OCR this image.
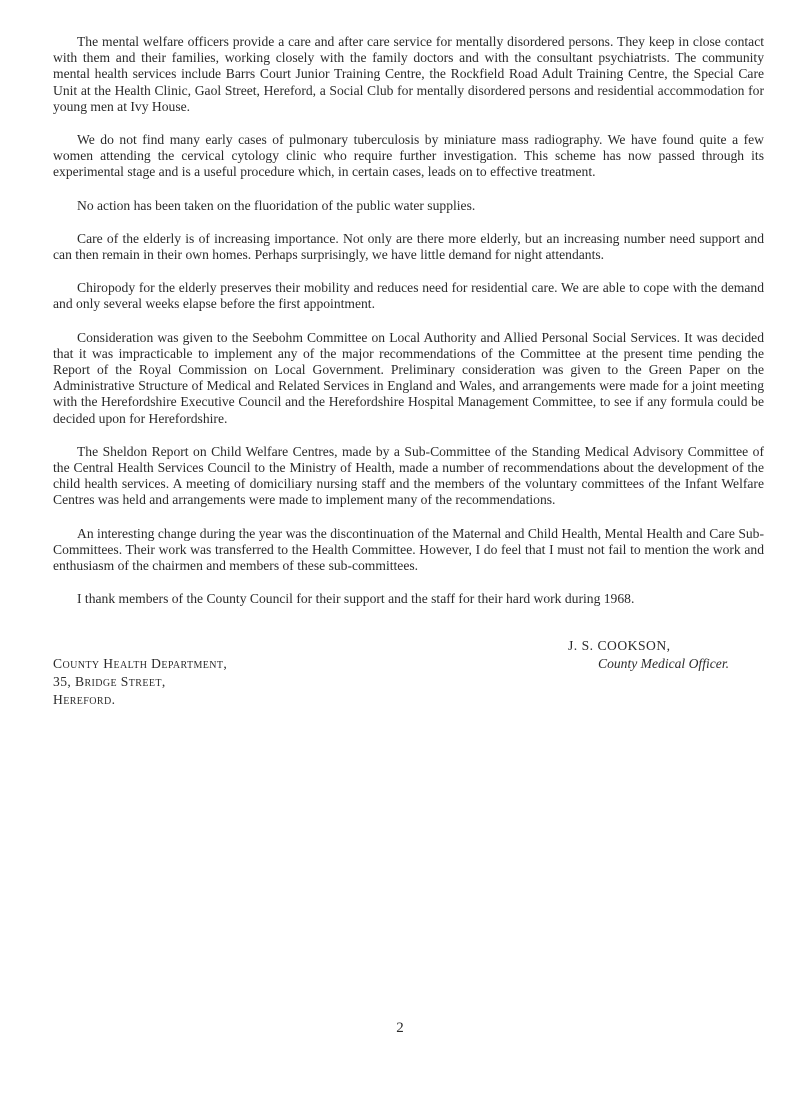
The mental welfare officers provide a care and after care service for mentally disordered persons. They keep in close contact with them and their families, working closely with the family doctors and with the consultant psychiatrists. The community mental health services include Barrs Court Junior Training Centre, the Rockfield Road Adult Training Centre, the Special Care Unit at the Health Clinic, Gaol Street, Hereford, a Social Club for mentally disordered persons and residential accommodation for young men at Ivy House.

We do not find many early cases of pulmonary tuberculosis by miniature mass radiography. We have found quite a few women attending the cervical cytology clinic who require further investigation. This scheme has now passed through its experimental stage and is a useful procedure which, in certain cases, leads on to effective treatment.

No action has been taken on the fluoridation of the public water supplies.

Care of the elderly is of increasing importance. Not only are there more elderly, but an increasing number need support and can then remain in their own homes. Perhaps surprisingly, we have little demand for night attendants.

Chiropody for the elderly preserves their mobility and reduces need for residential care. We are able to cope with the demand and only several weeks elapse before the first appointment.

Consideration was given to the Seebohm Committee on Local Authority and Allied Personal Social Services. It was decided that it was impracticable to implement any of the major recommendations of the Committee at the present time pending the Report of the Royal Commission on Local Government. Preliminary consideration was given to the Green Paper on the Administrative Structure of Medical and Related Services in England and Wales, and arrangements were made for a joint meeting with the Herefordshire Executive Council and the Herefordshire Hospital Management Committee, to see if any formula could be decided upon for Herefordshire.

The Sheldon Report on Child Welfare Centres, made by a Sub-Committee of the Standing Medical Advisory Committee of the Central Health Services Council to the Ministry of Health, made a number of recommendations about the development of the child health services. A meeting of domiciliary nursing staff and the members of the voluntary committees of the Infant Welfare Centres was held and arrangements were made to implement many of the recommendations.

An interesting change during the year was the discontinuation of the Maternal and Child Health, Mental Health and Care Sub-Committees. Their work was transferred to the Health Committee. However, I do feel that I must not fail to mention the work and enthusiasm of the chairmen and members of these sub-committees.

I thank members of the County Council for their support and the staff for their hard work during 1968.

J. S. COOKSON,
County Medical Officer.
County Health Department,
35, Bridge Street,
Hereford.
2
